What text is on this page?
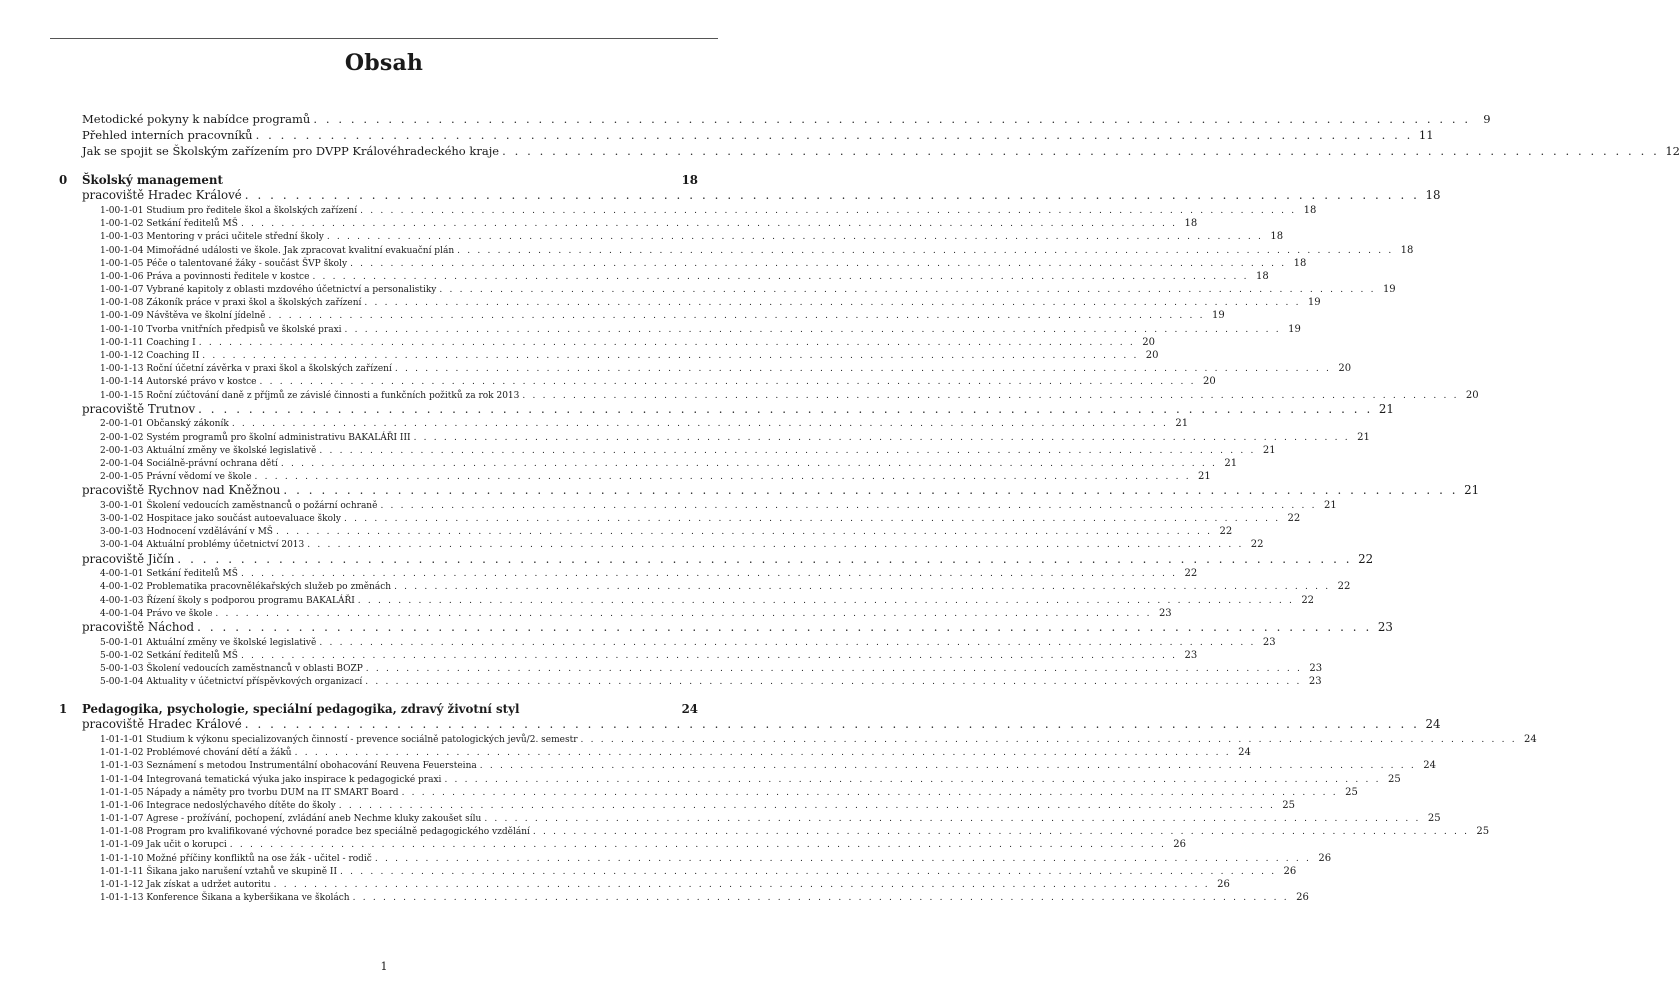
Obsah
Metodické pokyny k nabídce programů . . . . . . . . . . . . . . . . . . . . . . . . . . . . . . . . . . . . . . . . . . . . . . . . . . . . . . . . . . . . . . . . . . . . . . . . . . . . . . . . . . . . . . . . . . . . .	9
Přehled interních pracovníků . . . . . . . . . . . . . . . . . . . . . . . . . . . . . . . . . . . . . . . . . . . . . . . . . . . . . . . . . . . . . . . . . . . . . . . . . . . . . . . . . . . . . . . . . . . . . 11
Jak se spojit se Školským zařízením pro DVPP Královéhradeckého kraje . . . . . . . . . . . . . . . . . . . . . . . . . . . . . . . . . . . . . . . . . . . . . . . . . . . . . . . . . . . . . . . . . . . . . . . . . . . . . . . . . . . . . . . . . . . . . 12
0	Školský management	18
pracoviště Hradec Králové . . . . . . . . . . . . . . . . . . . . . . . . . . . . . . . . . . . . . . . . . . . . . . . . . . . . . . . . . . . . . . . . . . . . . . . . . . . . . . . . . . . . . . . . . . . . . 18
1-00-1-01 Studium pro ředitele škol a školských zařízení . . . . . . . . . . . . . . . . . . . . . . . . . . . . . . . . . . . . . . . . . . . . . . . . . . . . . . . . . . . . . . . . . . . . . . . . . . . . . . . . . . . . . . . . . . . . . 18
1-00-1-02 Setkání ředitelů MŠ . . . . . . . . . . . . . . . . . . . . . . . . . . . . . . . . . . . . . . . . . . . . . . . . . . . . . . . . . . . . . . . . . . . . . . . . . . . . . . . . . . . . . . . . . . . . . 18
1-00-1-03 Mentoring v práci učitele střední školy . . . . . . . . . . . . . . . . . . . . . . . . . . . . . . . . . . . . . . . . . . . . . . . . . . . . . . . . . . . . . . . . . . . . . . . . . . . . . . . . . . . . . . . . . . . . . 18
1-00-1-04 Mimořádné události ve škole. Jak zpracovat kvalitní evakuační plán . . . . . . . . . . . . . . . . . . . . . . . . . . . . . . . . . . . . . . . . . . . . . . . . . . . . . . . . . . . . . . . . . . . . . . . . . . . . . . . . . . . . . . . . . . . . . 18
1-00-1-05 Péče o talentované žáky - součást ŠVP školy . . . . . . . . . . . . . . . . . . . . . . . . . . . . . . . . . . . . . . . . . . . . . . . . . . . . . . . . . . . . . . . . . . . . . . . . . . . . . . . . . . . . . . . . . . . . . 18
1-00-1-06 Práva a povinnosti ředitele v kostce . . . . . . . . . . . . . . . . . . . . . . . . . . . . . . . . . . . . . . . . . . . . . . . . . . . . . . . . . . . . . . . . . . . . . . . . . . . . . . . . . . . . . . . . . . . . . 18
1-00-1-07 Vybrané kapitoly z oblasti mzdového účetnictví a personalistiky . . . . . . . . . . . . . . . . . . . . . . . . . . . . . . . . . . . . . . . . . . . . . . . . . . . . . . . . . . . . . . . . . . . . . . . . . . . . . . . . . . . . . . . . . . . . . 19
1-00-1-08 Zákoník práce v praxi škol a školských zařízení . . . . . . . . . . . . . . . . . . . . . . . . . . . . . . . . . . . . . . . . . . . . . . . . . . . . . . . . . . . . . . . . . . . . . . . . . . . . . . . . . . . . . . . . . . . . . 19
1-00-1-09 Návštěva ve školní jídelně . . . . . . . . . . . . . . . . . . . . . . . . . . . . . . . . . . . . . . . . . . . . . . . . . . . . . . . . . . . . . . . . . . . . . . . . . . . . . . . . . . . . . . . . . . . . . 19
1-00-1-10 Tvorba vnitřních předpisů ve školské praxi . . . . . . . . . . . . . . . . . . . . . . . . . . . . . . . . . . . . . . . . . . . . . . . . . . . . . . . . . . . . . . . . . . . . . . . . . . . . . . . . . . . . . . . . . . . . . 19
1-00-1-11 Coaching I . . . . . . . . . . . . . . . . . . . . . . . . . . . . . . . . . . . . . . . . . . . . . . . . . . . . . . . . . . . . . . . . . . . . . . . . . . . . . . . . . . . . . . . . . . . . . 20
1-00-1-12 Coaching II . . . . . . . . . . . . . . . . . . . . . . . . . . . . . . . . . . . . . . . . . . . . . . . . . . . . . . . . . . . . . . . . . . . . . . . . . . . . . . . . . . . . . . . . . . . . . 20
1-00-1-13 Roční účetní závěrka v praxi škol a školských zařízení . . . . . . . . . . . . . . . . . . . . . . . . . . . . . . . . . . . . . . . . . . . . . . . . . . . . . . . . . . . . . . . . . . . . . . . . . . . . . . . . . . . . . . . . . . . . . 20
1-00-1-14 Autorské právo v kostce . . . . . . . . . . . . . . . . . . . . . . . . . . . . . . . . . . . . . . . . . . . . . . . . . . . . . . . . . . . . . . . . . . . . . . . . . . . . . . . . . . . . . . . . . . . . . 20
1-00-1-15 Roční zúčtování daně z příjmů ze závislé činnosti a funkčních požitků za rok 2013 . . . . . . . . . . . . . . . . . . . . . . . . . . . . . . . . . . . . . . . . . . . . . . . . . . . . . . . . . . . . . . . . . . . . . . . . . . . . . . . . . . . . . . . . . . . . . 20
pracoviště Trutnov . . . . . . . . . . . . . . . . . . . . . . . . . . . . . . . . . . . . . . . . . . . . . . . . . . . . . . . . . . . . . . . . . . . . . . . . . . . . . . . . . . . . . . . . . . . . . 21
2-00-1-01 Občanský zákoník . . . . . . . . . . . . . . . . . . . . . . . . . . . . . . . . . . . . . . . . . . . . . . . . . . . . . . . . . . . . . . . . . . . . . . . . . . . . . . . . . . . . . . . . . . . . . 21
2-00-1-02 Systém programů pro školní administrativu BAKALÁŘI III . . . . . . . . . . . . . . . . . . . . . . . . . . . . . . . . . . . . . . . . . . . . . . . . . . . . . . . . . . . . . . . . . . . . . . . . . . . . . . . . . . . . . . . . . . . . . 21
2-00-1-03 Aktuální změny ve školské legislativě . . . . . . . . . . . . . . . . . . . . . . . . . . . . . . . . . . . . . . . . . . . . . . . . . . . . . . . . . . . . . . . . . . . . . . . . . . . . . . . . . . . . . . . . . . . . . 21
2-00-1-04 Sociálně-právní ochrana dětí . . . . . . . . . . . . . . . . . . . . . . . . . . . . . . . . . . . . . . . . . . . . . . . . . . . . . . . . . . . . . . . . . . . . . . . . . . . . . . . . . . . . . . . . . . . . . 21
2-00-1-05 Právní vědomí ve škole . . . . . . . . . . . . . . . . . . . . . . . . . . . . . . . . . . . . . . . . . . . . . . . . . . . . . . . . . . . . . . . . . . . . . . . . . . . . . . . . . . . . . . . . . . . . . 21
pracoviště Rychnov nad Kněžnou . . . . . . . . . . . . . . . . . . . . . . . . . . . . . . . . . . . . . . . . . . . . . . . . . . . . . . . . . . . . . . . . . . . . . . . . . . . . . . . . . . . . . . . . . . . . . 21
3-00-1-01 Školení vedoucích zaměstnanců o požární ochraně . . . . . . . . . . . . . . . . . . . . . . . . . . . . . . . . . . . . . . . . . . . . . . . . . . . . . . . . . . . . . . . . . . . . . . . . . . . . . . . . . . . . . . . . . . . . . 21
3-00-1-02 Hospitace jako součást autoevaluace školy . . . . . . . . . . . . . . . . . . . . . . . . . . . . . . . . . . . . . . . . . . . . . . . . . . . . . . . . . . . . . . . . . . . . . . . . . . . . . . . . . . . . . . . . . . . . . 22
3-00-1-03 Hodnocení vzdělávání v MŠ . . . . . . . . . . . . . . . . . . . . . . . . . . . . . . . . . . . . . . . . . . . . . . . . . . . . . . . . . . . . . . . . . . . . . . . . . . . . . . . . . . . . . . . . . . . . . 22
3-00-1-04 Aktuální problémy účetnictví 2013 . . . . . . . . . . . . . . . . . . . . . . . . . . . . . . . . . . . . . . . . . . . . . . . . . . . . . . . . . . . . . . . . . . . . . . . . . . . . . . . . . . . . . . . . . . . . . 22
pracoviště Jičín . . . . . . . . . . . . . . . . . . . . . . . . . . . . . . . . . . . . . . . . . . . . . . . . . . . . . . . . . . . . . . . . . . . . . . . . . . . . . . . . . . . . . . . . . . . . . 22
4-00-1-01 Setkání ředitelů MŠ . . . . . . . . . . . . . . . . . . . . . . . . . . . . . . . . . . . . . . . . . . . . . . . . . . . . . . . . . . . . . . . . . . . . . . . . . . . . . . . . . . . . . . . . . . . . . 22
4-00-1-02 Problematika pracovnělékařských služeb po změnách . . . . . . . . . . . . . . . . . . . . . . . . . . . . . . . . . . . . . . . . . . . . . . . . . . . . . . . . . . . . . . . . . . . . . . . . . . . . . . . . . . . . . . . . . . . . . 22
4-00-1-03 Řízení školy s podporou programu BAKALÁŘI . . . . . . . . . . . . . . . . . . . . . . . . . . . . . . . . . . . . . . . . . . . . . . . . . . . . . . . . . . . . . . . . . . . . . . . . . . . . . . . . . . . . . . . . . . . . . 22
4-00-1-04 Právo ve škole . . . . . . . . . . . . . . . . . . . . . . . . . . . . . . . . . . . . . . . . . . . . . . . . . . . . . . . . . . . . . . . . . . . . . . . . . . . . . . . . . . . . . . . . . . . . . 23
pracoviště Náchod . . . . . . . . . . . . . . . . . . . . . . . . . . . . . . . . . . . . . . . . . . . . . . . . . . . . . . . . . . . . . . . . . . . . . . . . . . . . . . . . . . . . . . . . . . . . . 23
5-00-1-01 Aktuální změny ve školské legislativě . . . . . . . . . . . . . . . . . . . . . . . . . . . . . . . . . . . . . . . . . . . . . . . . . . . . . . . . . . . . . . . . . . . . . . . . . . . . . . . . . . . . . . . . . . . . . 23
5-00-1-02 Setkání ředitelů MŠ . . . . . . . . . . . . . . . . . . . . . . . . . . . . . . . . . . . . . . . . . . . . . . . . . . . . . . . . . . . . . . . . . . . . . . . . . . . . . . . . . . . . . . . . . . . . . 23
5-00-1-03 Školení vedoucích zaměstnanců v oblasti BOZP . . . . . . . . . . . . . . . . . . . . . . . . . . . . . . . . . . . . . . . . . . . . . . . . . . . . . . . . . . . . . . . . . . . . . . . . . . . . . . . . . . . . . . . . . . . . . 23
5-00-1-04 Aktuality v účetnictví příspěvkových organizací . . . . . . . . . . . . . . . . . . . . . . . . . . . . . . . . . . . . . . . . . . . . . . . . . . . . . . . . . . . . . . . . . . . . . . . . . . . . . . . . . . . . . . . . . . . . . 23
1	Pedagogika, psychologie, speciální pedagogika, zdravý životní styl	24
pracoviště Hradec Králové . . . . . . . . . . . . . . . . . . . . . . . . . . . . . . . . . . . . . . . . . . . . . . . . . . . . . . . . . . . . . . . . . . . . . . . . . . . . . . . . . . . . . . . . . . . . . 24
1-01-1-01 Studium k výkonu specializovaných činností - prevence sociálně patologických jevů/2. semestr . . . . . . . . . . . . . . . . . . . . . . . . . . . . . . . . . . . . . . . . . . . . . . . . . . . . . . . . . . . . . . . . . . . . . . . . . . . . . . . . . . . . . . . . . . . . . 24
1-01-1-02 Problémové chování dětí a žáků . . . . . . . . . . . . . . . . . . . . . . . . . . . . . . . . . . . . . . . . . . . . . . . . . . . . . . . . . . . . . . . . . . . . . . . . . . . . . . . . . . . . . . . . . . . . . 24
1-01-1-03 Seznámení s metodou Instrumentální obohacování Reuvena Feuersteina . . . . . . . . . . . . . . . . . . . . . . . . . . . . . . . . . . . . . . . . . . . . . . . . . . . . . . . . . . . . . . . . . . . . . . . . . . . . . . . . . . . . . . . . . . . . . 24
1-01-1-04 Integrovaná tematická výuka jako inspirace k pedagogické praxi . . . . . . . . . . . . . . . . . . . . . . . . . . . . . . . . . . . . . . . . . . . . . . . . . . . . . . . . . . . . . . . . . . . . . . . . . . . . . . . . . . . . . . . . . . . . . 25
1-01-1-05 Nápady a náměty pro tvorbu DUM na IT SMART Board . . . . . . . . . . . . . . . . . . . . . . . . . . . . . . . . . . . . . . . . . . . . . . . . . . . . . . . . . . . . . . . . . . . . . . . . . . . . . . . . . . . . . . . . . . . . . 25
1-01-1-06 Integrace nedoslýchavého dítěte do školy . . . . . . . . . . . . . . . . . . . . . . . . . . . . . . . . . . . . . . . . . . . . . . . . . . . . . . . . . . . . . . . . . . . . . . . . . . . . . . . . . . . . . . . . . . . . . 25
1-01-1-07 Agrese - prožívání, pochopení, zvládání aneb Nechme kluky zakoušet sílu . . . . . . . . . . . . . . . . . . . . . . . . . . . . . . . . . . . . . . . . . . . . . . . . . . . . . . . . . . . . . . . . . . . . . . . . . . . . . . . . . . . . . . . . . . . . . 25
1-01-1-08 Program pro kvalifikované výchovné poradce bez speciálně pedagogického vzdělání . . . . . . . . . . . . . . . . . . . . . . . . . . . . . . . . . . . . . . . . . . . . . . . . . . . . . . . . . . . . . . . . . . . . . . . . . . . . . . . . . . . . . . . . . . . . . 25
1-01-1-09 Jak učit o korupci . . . . . . . . . . . . . . . . . . . . . . . . . . . . . . . . . . . . . . . . . . . . . . . . . . . . . . . . . . . . . . . . . . . . . . . . . . . . . . . . . . . . . . . . . . . . . 26
1-01-1-10 Možné příčiny konfliktů na ose žák - učitel - rodič . . . . . . . . . . . . . . . . . . . . . . . . . . . . . . . . . . . . . . . . . . . . . . . . . . . . . . . . . . . . . . . . . . . . . . . . . . . . . . . . . . . . . . . . . . . . . 26
1-01-1-11 Šikana jako narušení vztahů ve skupině II . . . . . . . . . . . . . . . . . . . . . . . . . . . . . . . . . . . . . . . . . . . . . . . . . . . . . . . . . . . . . . . . . . . . . . . . . . . . . . . . . . . . . . . . . . . . . 26
1-01-1-12 Jak získat a udržet autoritu . . . . . . . . . . . . . . . . . . . . . . . . . . . . . . . . . . . . . . . . . . . . . . . . . . . . . . . . . . . . . . . . . . . . . . . . . . . . . . . . . . . . . . . . . . . . . 26
1-01-1-13 Konference Šikana a kyberšikana ve školách . . . . . . . . . . . . . . . . . . . . . . . . . . . . . . . . . . . . . . . . . . . . . . . . . . . . . . . . . . . . . . . . . . . . . . . . . . . . . . . . . . . . . . . . . . . . . 26
1
